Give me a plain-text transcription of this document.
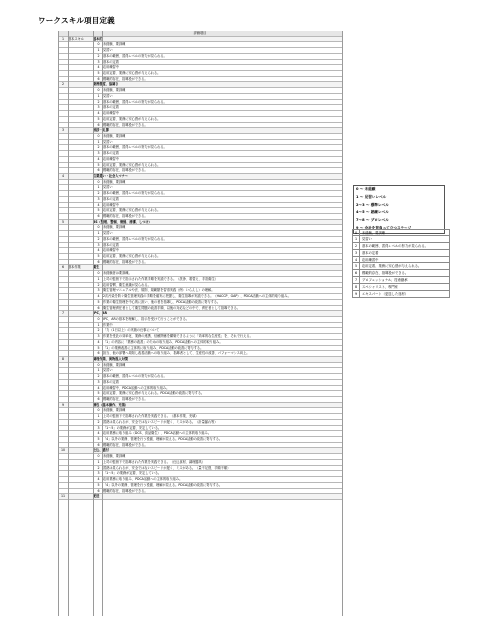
ワークスキル項目定義
評価項目
1	基本スキル	基本的
0	未経験、要訓練
1	見習い
2	基本の範囲、習得レベルの努力が見られる。
3	基本の定着
4	応用練習中
5	応用定着、業務に安心感が与えられる。
6	模範的存在、指導役ができる。
2	勤務態度、協調さ
0	未経験、要訓練
1	見習い
2	基本の範囲、習得レベルの努力が見られる。
3	基本の定着
4	応用練習中
5	応用定着、業務に安心感が与えられる。
6	模範的存在、指導役ができる。
3	挨拶・礼節
0	未経験、要訓練
1	見習い
2	基本の範囲、習得レベルの努力が見られる。
3	基本の定着
4	応用練習中
5	応用定着、業務に安心感が与えられる。
6	模範的存在、指導役ができる。
4	言葉遣い・社会人マナー
0	未経験、要訓練
1	見習い
2	基本の範囲、習得レベルの努力が見られる。
3	基本の定着
4	応用練習中
5	応用定着、業務に安心感が与えられる。
6	模範的存在、指導役ができる。
5	5S（整理、整頓、清掃、清潔、しつけ）
0	未経験、要訓練
1	見習い
2	基本の範囲、習得レベルの努力が見られる。
3	基本の定着
4	応用練習中
5	応用定着、業務に安心感が与えられる。
6	模範的存在、指導役ができる。
6	基本作業	衛生
0	未経験者は要訓練。
1	上司の監督下で指示された作業手順を実践できる。（洗浄、着替え、手指衛生）
2	応用習慣、衛生意識が見られる。
3	衛生管理マニュアルや法、規則、規範類を習得実践（例：いらんし）の理解。
4	2次汚染を防ぐ衛生管理実践の手順を確実に把握し、衛生指導が実践できる。（HACCP、GAP）、PDCA活動への主体的取り組み。
5	作業の衛生管理を中心的に担い、他の者を指導し、PDCA活動の改善に寄与する。
6	衛生管理責任者として衛生問題の改善手順、以後の対応などの中で、責任者として指導できる。
7	IPC、AR
0	IPC、ARの基本を理解し、指示を受けて行うことができる。
1	作業中
2	「力（1日以上）の実施の仕事について
3	作業を受託の効率化、業務の連携、信頼関係を構築できるように「効率的な生産性」を、それで行える。
4	「1」の内容に「業務の改善」のための取り組み、PDCA活動への主体的取り組み。
5	「1」の業務改善に主体的に取り組み、PDCA活動の改善に寄与する。
6	担当、他の部署へ周知し改善活動への取り組み、指導者として、生産性の改善、パフォーマンス向上。
8	調理作業、異物混入対策
0	未経験、要訓練
1	見習い
2	基本の範囲、習得レベルの努力が見られる。
3	基本の定着
4	応用練習中、PDCA活動への主体的取り組み。
5	応用定着、業務に安心感が与えられる。PDCA活動の改善に寄与する。
6	模範的存在、指導役ができる。
9	梱包（基本操作、充填）
0	未経験、要訓練
1	上司の監督下で指導された作業を実践できる。（基本作業、充填）
2	習熟は見られるが、安全ではないスピードが遅く、ミスがある。（計量漏れ等）
3	「1～5」の業務が定着、安定している。
4	応用業務に取り組み（DCS、食品衛生）、PDCA活動への主体的取り組み。
5	「4」以外の業務、管理を行う役割、理解が見える。PDCA活動の改善に寄与する。
6	模範的存在、指導役ができる。
10	仕込、盛付
0	未経験、要訓練
1	上司の監督下で指導された作業を実践できる。（仕込食材、調理器具）
2	習熟は見られるが、安全ではないスピードが遅く、ミスがある。（量不足感、手順不順）
3	「1～5」の業務が定着、安定している。
4	応用業務に取り組み、PDCA活動への主体的取り組み。
5	「4」以外の業務、管理を行う役割、理解が見える。PDCA活動の改善に寄与する。
6	模範的存在、指導役ができる。
11	配送
0 ～ 未経験
1 ～ 見習いレベル
2～3 ～ 標準レベル
4～5 ～ 熟練レベル
7～8 ～ プロレベル
9 ～ 会社を背負って立つステージ
0	未経験、要訓練
1	見習い
2	基本の範囲、習得レベルの努力が見られる。
3	基本の定着
4	応用練習中
5	応用定着、業務に安心感が与えられる。
6	模範的存在、指導役ができる。
7	プロフェッショナル、技術継承
8	スペシャリスト、専門家
9	エキスパート（更迭した逸材）
